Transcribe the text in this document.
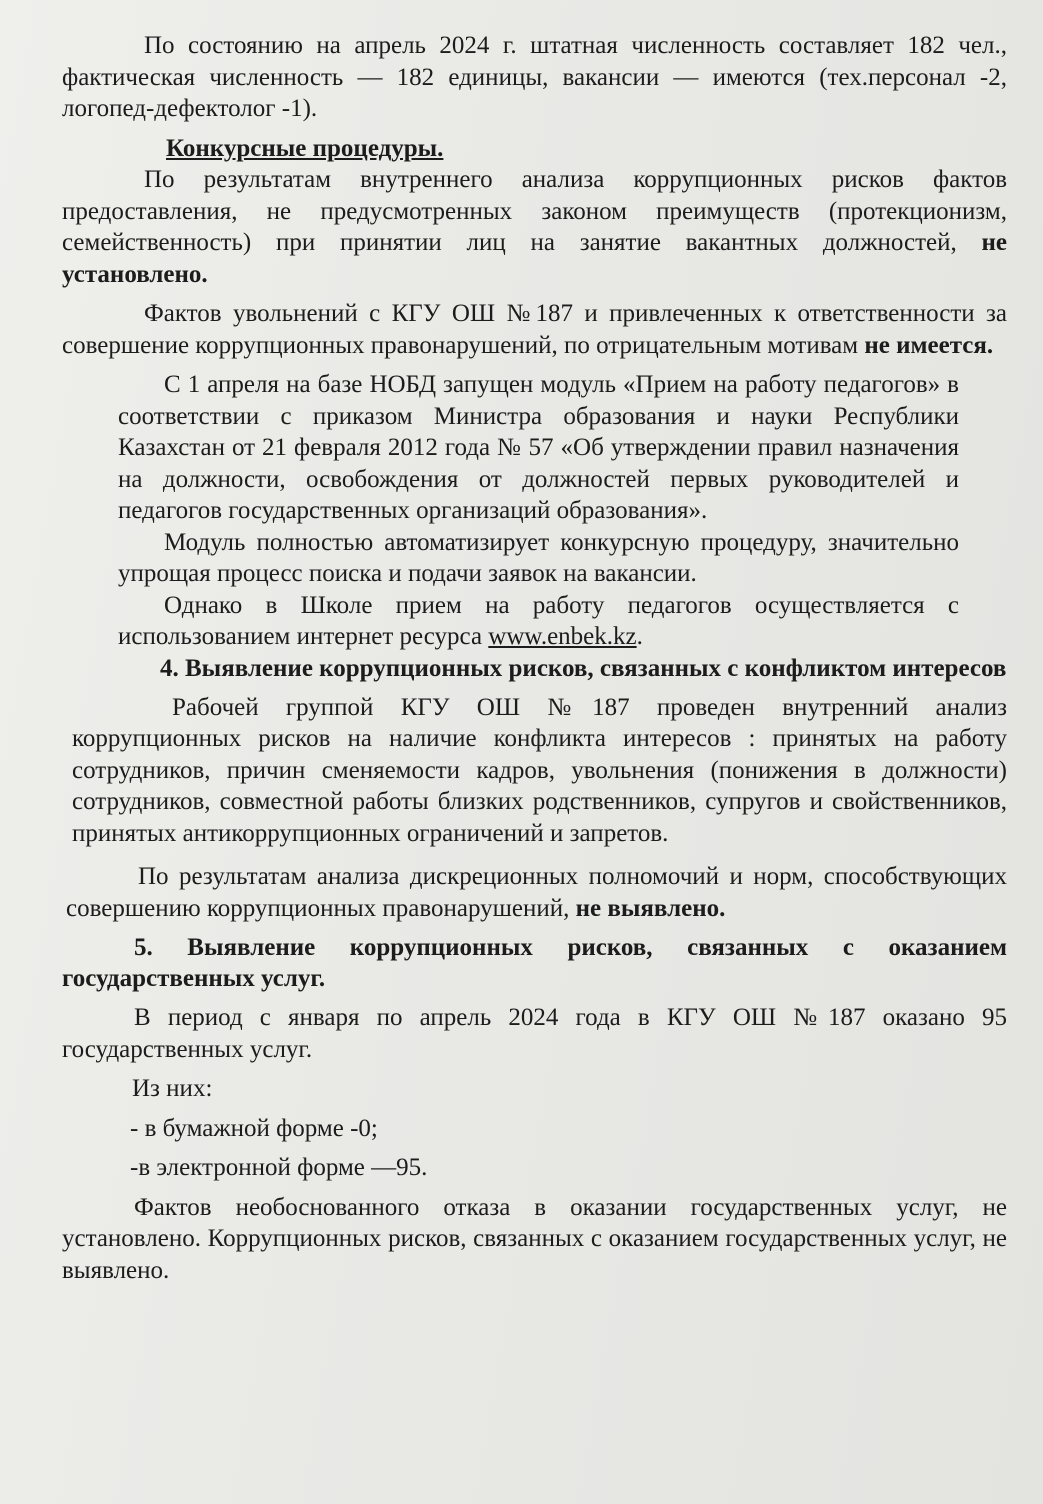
По состоянию на апрель 2024 г. штатная численность составляет 182 чел., фактическая численность — 182 единицы, вакансии — имеются (тех.персонал -2, логопед-дефектолог -1).

Конкурсные процедуры.

По результатам внутреннего анализа коррупционных рисков фактов предоставления, не предусмотренных законом преимуществ (протекционизм, семейственность) при принятии лиц на занятие вакантных должностей, не установлено.

Фактов увольнений с КГУ ОШ №187 и привлеченных к ответственности за совершение коррупционных правонарушений, по отрицательным мотивам не имеется.

С 1 апреля на базе НОБД запущен модуль «Прием на работу педагогов» в соответствии с приказом Министра образования и науки Республики Казахстан от 21 февраля 2012 года № 57 «Об утверждении правил назначения на должности, освобождения от должностей первых руководителей и педагогов государственных организаций образования».

Модуль полностью автоматизирует конкурсную процедуру, значительно упрощая процесс поиска и подачи заявок на вакансии.

Однако в Школе прием на работу педагогов осуществляется с использованием интернет ресурса www.enbek.kz.

4. Выявление коррупционных рисков, связанных с конфликтом интересов

Рабочей группой КГУ ОШ №187 проведен внутренний анализ коррупционных рисков на наличие конфликта интересов : принятых на работу сотрудников, причин сменяемости кадров, увольнения (понижения в должности) сотрудников, совместной работы близких родственников, супругов и свойственников, принятых антикоррупционных ограничений и запретов.

По результатам анализа дискреционных полномочий и норм, способствующих совершению коррупционных правонарушений, не выявлено.

5. Выявление коррупционных рисков, связанных с оказанием государственных услуг.

В период с января по апрель 2024 года в КГУ ОШ №187 оказано 95 государственных услуг.

Из них:

- в бумажной форме -0;

-в электронной форме —95.

Фактов необоснованного отказа в оказании государственных услуг, не установлено. Коррупционных рисков, связанных с оказанием государственных услуг, не выявлено.
